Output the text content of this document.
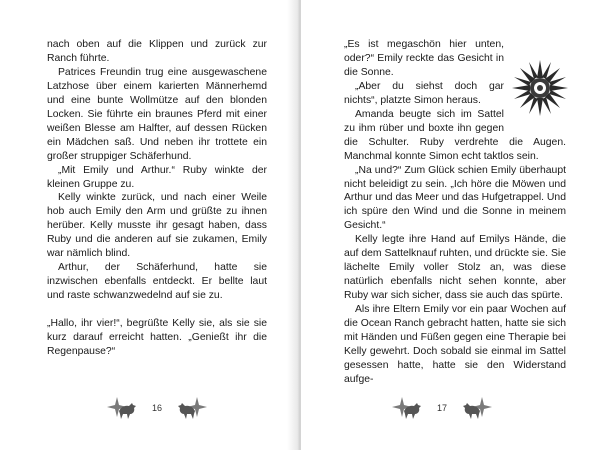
nach oben auf die Klippen und zurück zur Ranch führte.

Patrices Freundin trug eine ausgewaschene Latzhose über einem karierten Männerhemd und eine bunte Wollmütze auf den blonden Locken. Sie führte ein braunes Pferd mit einer weißen Blesse am Halfter, auf dessen Rücken ein Mädchen saß. Und neben ihr trottete ein großer struppiger Schäferhund.

„Mit Emily und Arthur.“ Ruby winkte der kleinen Gruppe zu.

Kelly winkte zurück, und nach einer Weile hob auch Emily den Arm und grüßte zu ihnen herüber. Kelly musste ihr gesagt haben, dass Ruby und die anderen auf sie zukamen, Emily war nämlich blind.

Arthur, der Schäferhund, hatte sie inzwischen ebenfalls entdeckt. Er bellte laut und raste schwanzwedelnd auf sie zu.

„Hallo, ihr vier!“, begrüßte Kelly sie, als sie sie kurz darauf erreicht hatten. „Genießt ihr die Regenpause?“

16

„Es ist megaschön hier unten, oder?“ Emily reckte das Gesicht in die Sonne.

„Aber du siehst doch gar nichts“, platzte Simon heraus.

Amanda beugte sich im Sattel zu ihm rüber und boxte ihn gegen die Schulter. Ruby verdrehte die Augen. Manchmal konnte Simon echt taktlos sein.

„Na und?“ Zum Glück schien Emily überhaupt nicht beleidigt zu sein. „Ich höre die Möwen und Arthur und das Meer und das Hufgetrappel. Und ich spüre den Wind und die Sonne in meinem Gesicht.“

Kelly legte ihre Hand auf Emilys Hände, die auf dem Sattelknauf ruhten, und drückte sie. Sie lächelte Emily voller Stolz an, was diese natürlich ebenfalls nicht sehen konnte, aber Ruby war sich sicher, dass sie auch das spürte.

Als ihre Eltern Emily vor ein paar Wochen auf die Ocean Ranch gebracht hatten, hatte sie sich mit Händen und Füßen gegen eine Therapie bei Kelly gewehrt. Doch sobald sie einmal im Sattel gesessen hatte, hatte sie den Widerstand aufge-

17
